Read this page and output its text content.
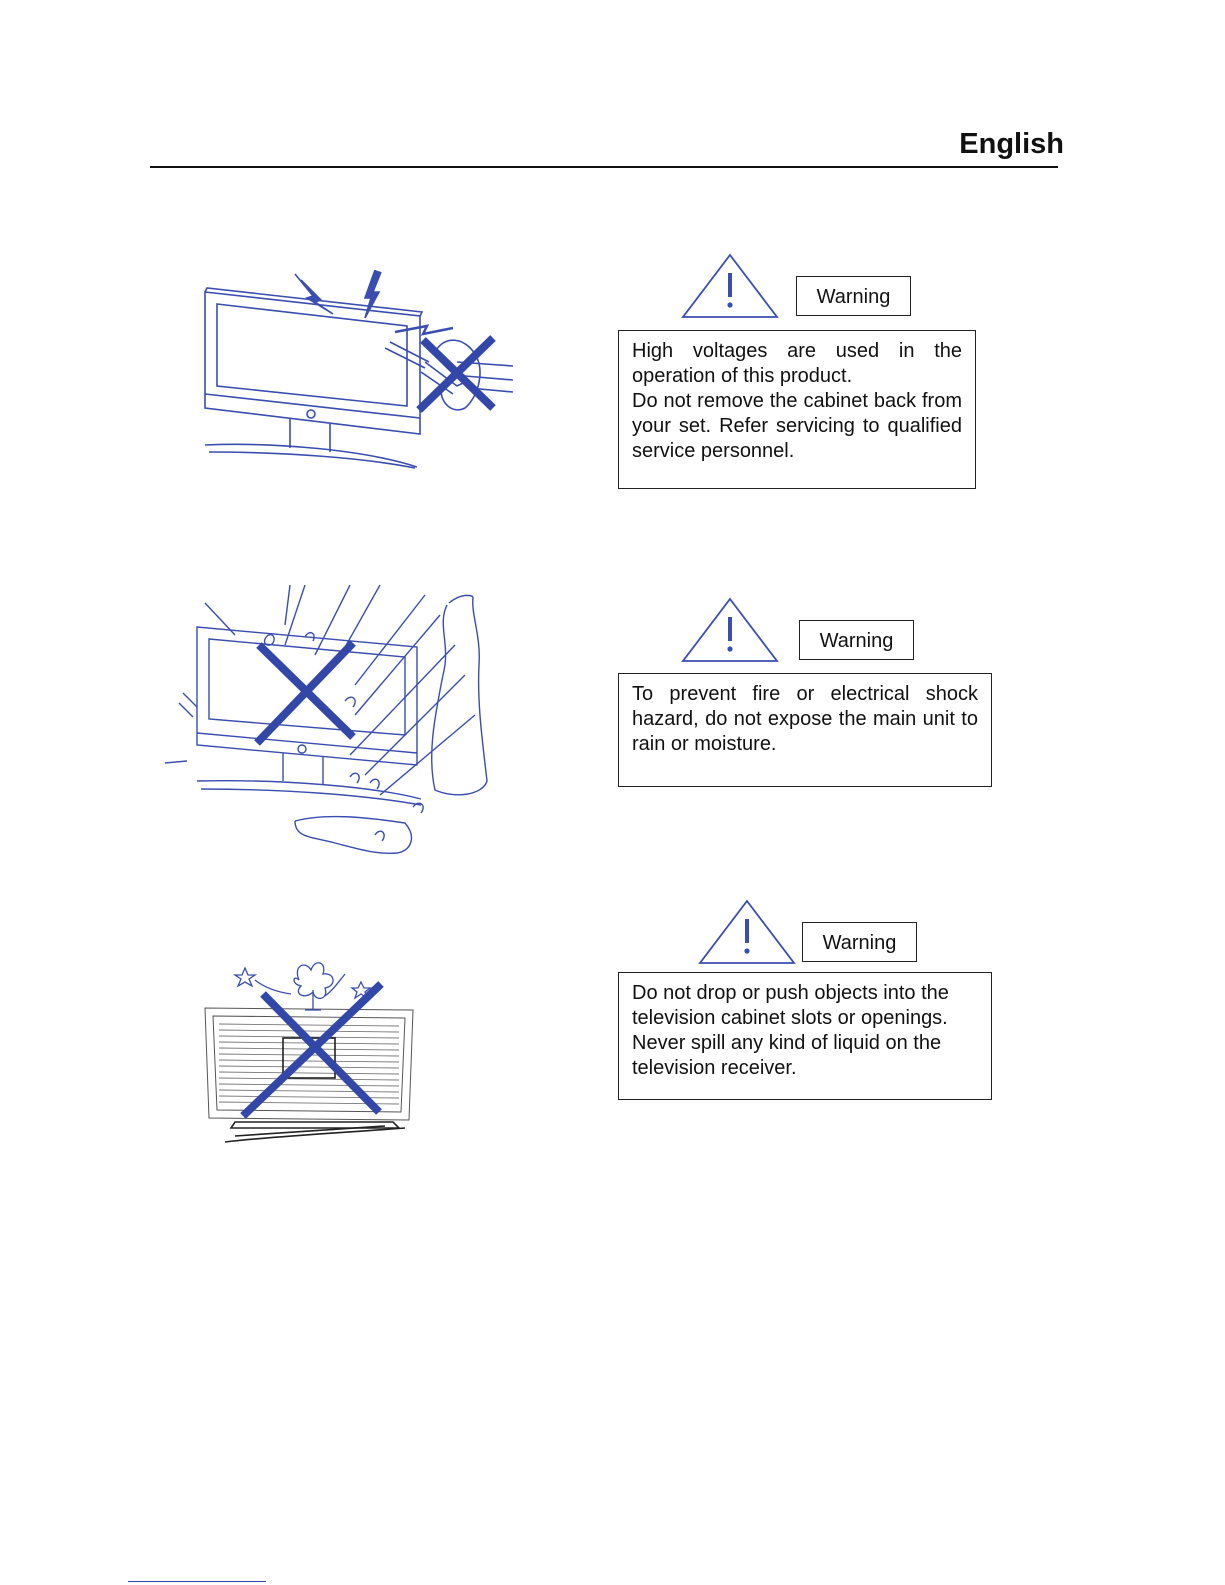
English
Warning

High voltages are used in the operation of this product.

Do not remove the cabinet back from your set. Refer servicing to qualified service personnel.

Warning

To prevent fire or electrical shock hazard, do not expose the main unit to rain or moisture.

Warning

Do not drop or push objects into the television cabinet slots or openings. Never spill any kind of liquid on the television receiver.
